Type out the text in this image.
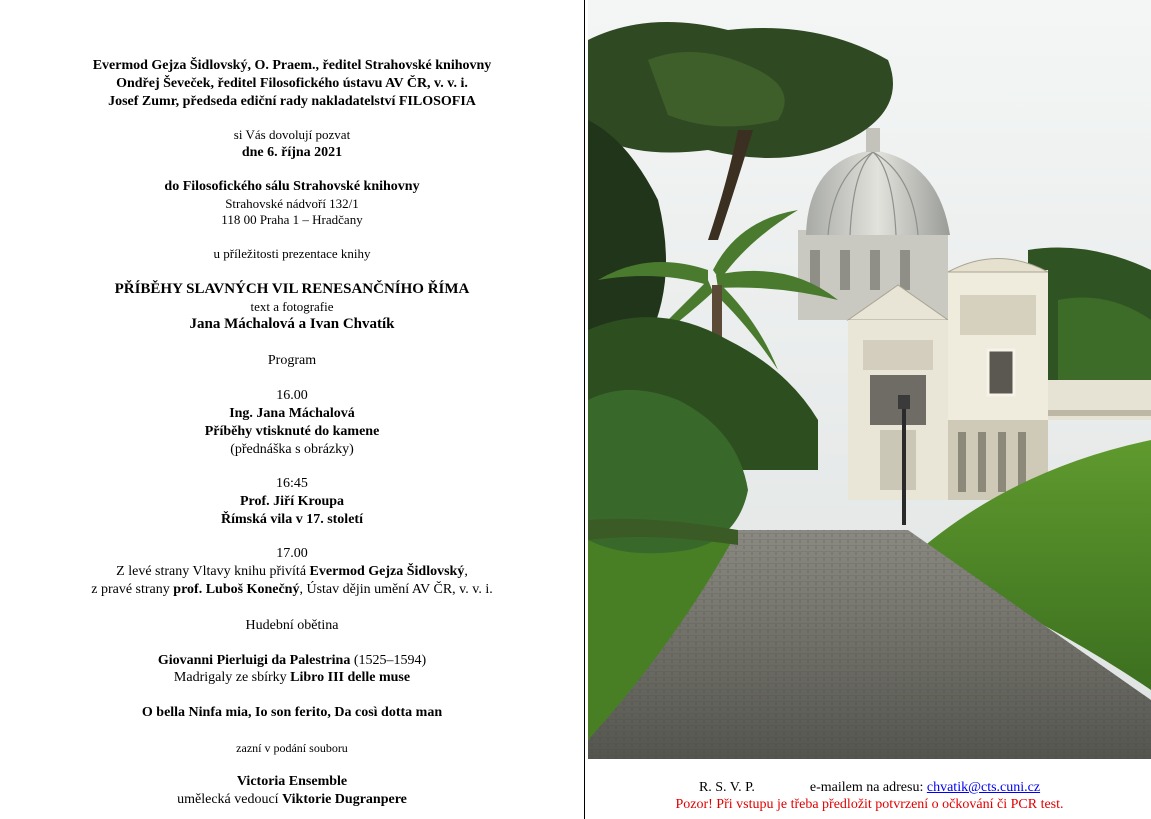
Evermod Gejza Šidlovský, O. Praem., ředitel Strahovské knihovny
Ondřej Ševeček, ředitel Filosofického ústavu AV ČR, v. v. i.
Josef Zumr, předseda ediční rady nakladatelství FILOSOFIA
si Vás dovolují pozvat
dne 6. října 2021
do Filosofického sálu Strahovské knihovny
Strahovské nádvoří 132/1
118 00 Praha 1 – Hradčany
u příležitosti prezentace knihy
PŘÍBĚHY SLAVNÝCH VIL RENESANČNÍHO ŘÍMA
text a fotografie
Jana Máchalová a Ivan Chvatík
Program
16.00
Ing. Jana Máchalová
Příběhy vtisknuté do kamene
(přednáška s obrázky)
16:45
Prof. Jiří Kroupa
Římská vila v 17. století
17.00
Z levé strany Vltavy knihu přivítá Evermod Gejza Šidlovský,
z pravé strany prof. Luboš Konečný, Ústav dějin umění AV ČR, v. v. i.
Hudební obětina
Giovanni Pierluigi da Palestrina (1525–1594)
Madrigaly ze sbírky Libro III delle muse
O bella Ninfa mia, Io son ferito, Da così dotta man
zazní v podání souboru
Victoria Ensemble
umělecká vedoucí Viktorie Dugranpere
R. S. V. P.	e-mailem na adresu: chvatik@cts.cuni.cz
Pozor! Při vstupu je třeba předložit potvrzení o očkování či PCR test.
